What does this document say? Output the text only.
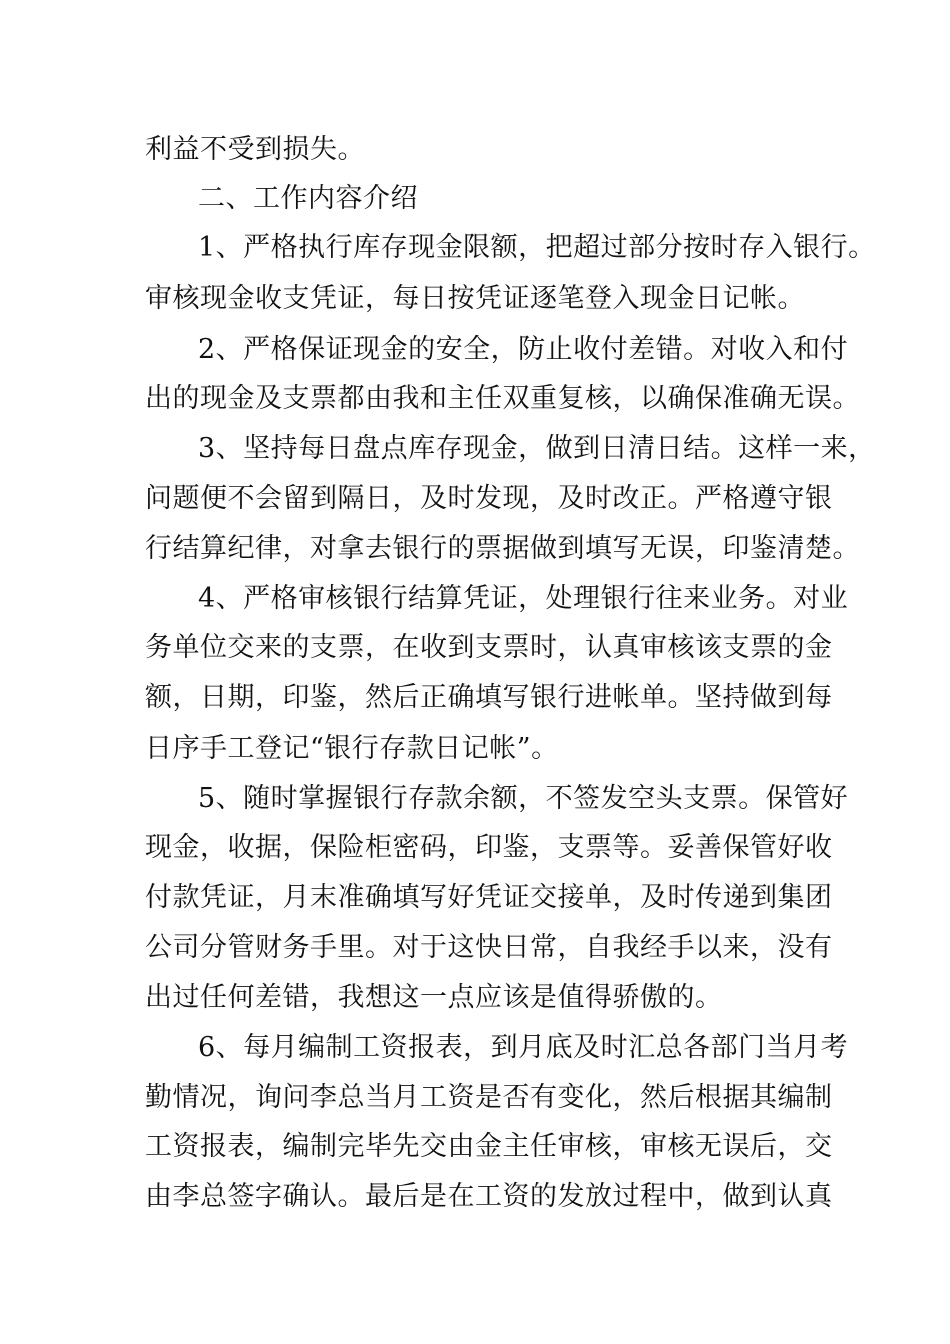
利益不受到损失。

二、工作内容介绍

1、严格执行库存现金限额，把超过部分按时存入银行。

审核现金收支凭证，每日按凭证逐笔登入现金日记帐。

2、严格保证现金的安全，防止收付差错。对收入和付

出的现金及支票都由我和主任双重复核，以确保准确无误。

3、坚持每日盘点库存现金，做到日清日结。这样一来，

问题便不会留到隔日，及时发现，及时改正。严格遵守银

行结算纪律，对拿去银行的票据做到填写无误，印鉴清楚。

4、严格审核银行结算凭证，处理银行往来业务。对业

务单位交来的支票，在收到支票时，认真审核该支票的金

额，日期，印鉴，然后正确填写银行进帐单。坚持做到每

日序手工登记“银行存款日记帐”。

5、随时掌握银行存款余额，不签发空头支票。保管好

现金，收据，保险柜密码，印鉴，支票等。妥善保管好收

付款凭证，月末准确填写好凭证交接单，及时传递到集团

公司分管财务手里。对于这快日常，自我经手以来，没有

出过任何差错，我想这一点应该是值得骄傲的。

6、每月编制工资报表，到月底及时汇总各部门当月考

勤情况，询问李总当月工资是否有变化，然后根据其编制

工资报表，编制完毕先交由金主任审核，审核无误后，交

由李总签字确认。最后是在工资的发放过程中，做到认真
